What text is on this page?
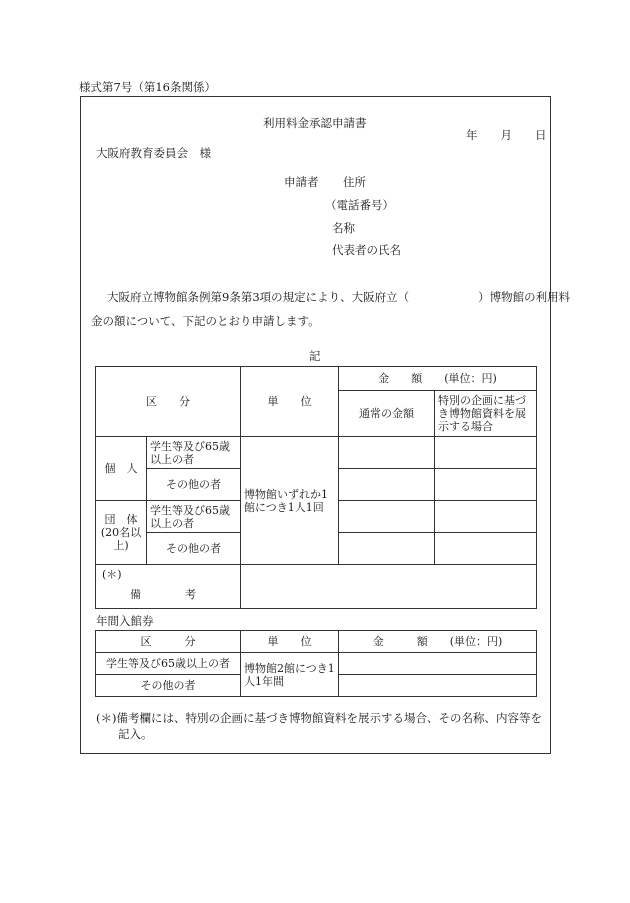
様式第7号（第16条関係）
利用料金承認申請書
年　　月　　日
大阪府教育委員会　様
申請者 住所
（電話番号）
名称
代表者の氏名
大阪府立博物館条例第9条第3項の規定により、大阪府立（　　　　　　）博物館の利用料
金の額について、下記のとおり申請します。
記
区　　分		単　　位	金　　額　　(単位：円)	
			通常の金額	特別の企画に基づき博物館資料を展示する場合

個　人	学生等及び65歳以上の者	博物館いずれか1館につき1人1回		
	その他の者			
団　体
(20名以上)	学生等及び65歳以上の者			
	その他の者			

(＊)
備　　　　考				

年間入館券
区　　　分	単　　位	金　　　額　　(単位：円)
学生等及び65歳以上の者	博物館2館につき1人1年間	
その他の者		
(＊)備考欄には、特別の企画に基づき博物館資料を展示する場合、その名称、内容等を
記入。
